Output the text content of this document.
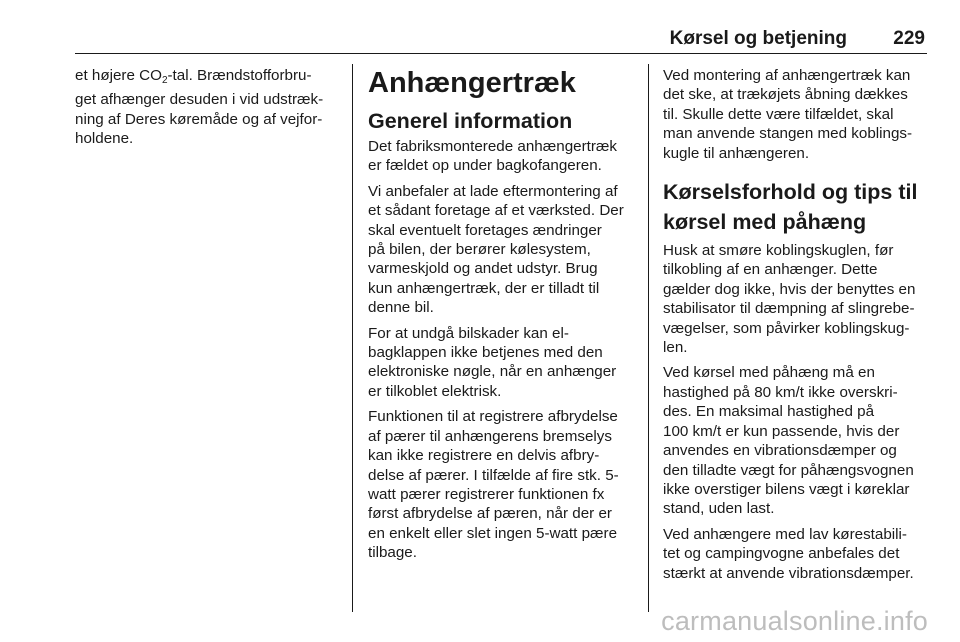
Kørsel og betjening 229

et højere $CO_2$-tal. Brændstofforbru-
get afhænger desuden i vid udstræk-
ning af Deres køremåde og af vejfor-
holdene.

Anhængertræk
Generel information

Det fabriksmonterede anhængertræk
er fældet op under bagkofangeren.

Vi anbefaler at lade eftermontering af
et sådant foretage af et værksted. Der
skal eventuelt foretages ændringer
på bilen, der berører kølesystem,
varmeskjold og andet udstyr. Brug
kun anhængertræk, der er tilladt til
denne bil.

For at undgå bilskader kan el-
bagklappen ikke betjenes med den
elektroniske nøgle, når en anhænger
er tilkoblet elektrisk.

Funktionen til at registrere afbrydelse
af pærer til anhængerens bremselys
kan ikke registrere en delvis afbry-
delse af pærer. I tilfælde af fire stk. 5-
watt pærer registrerer funktionen fx
først afbrydelse af pæren, når der er
en enkelt eller slet ingen 5-watt pære
tilbage.

Ved montering af anhængertræk kan
det ske, at trækøjets åbning dækkes
til. Skulle dette være tilfældet, skal
man anvende stangen med koblings-
kugle til anhængeren.

Kørselsforhold og tips til
kørsel med påhæng

Husk at smøre koblingskuglen, før
tilkobling af en anhænger. Dette
gælder dog ikke, hvis der benyttes en
stabilisator til dæmpning af slingrebe-
vægelser, som påvirker koblingskug-
len.

Ved kørsel med påhæng må en
hastighed på 80 km/t ikke overskri-
des. En maksimal hastighed på
100 km/t er kun passende, hvis der
anvendes en vibrationsdæmper og
den tilladte vægt for påhængsvognen
ikke overstiger bilens vægt i køreklar
stand, uden last.

Ved anhængere med lav kørestabili-
tet og campingvogne anbefales det
stærkt at anvende vibrationsdæmper.

carmanualsonline.info
